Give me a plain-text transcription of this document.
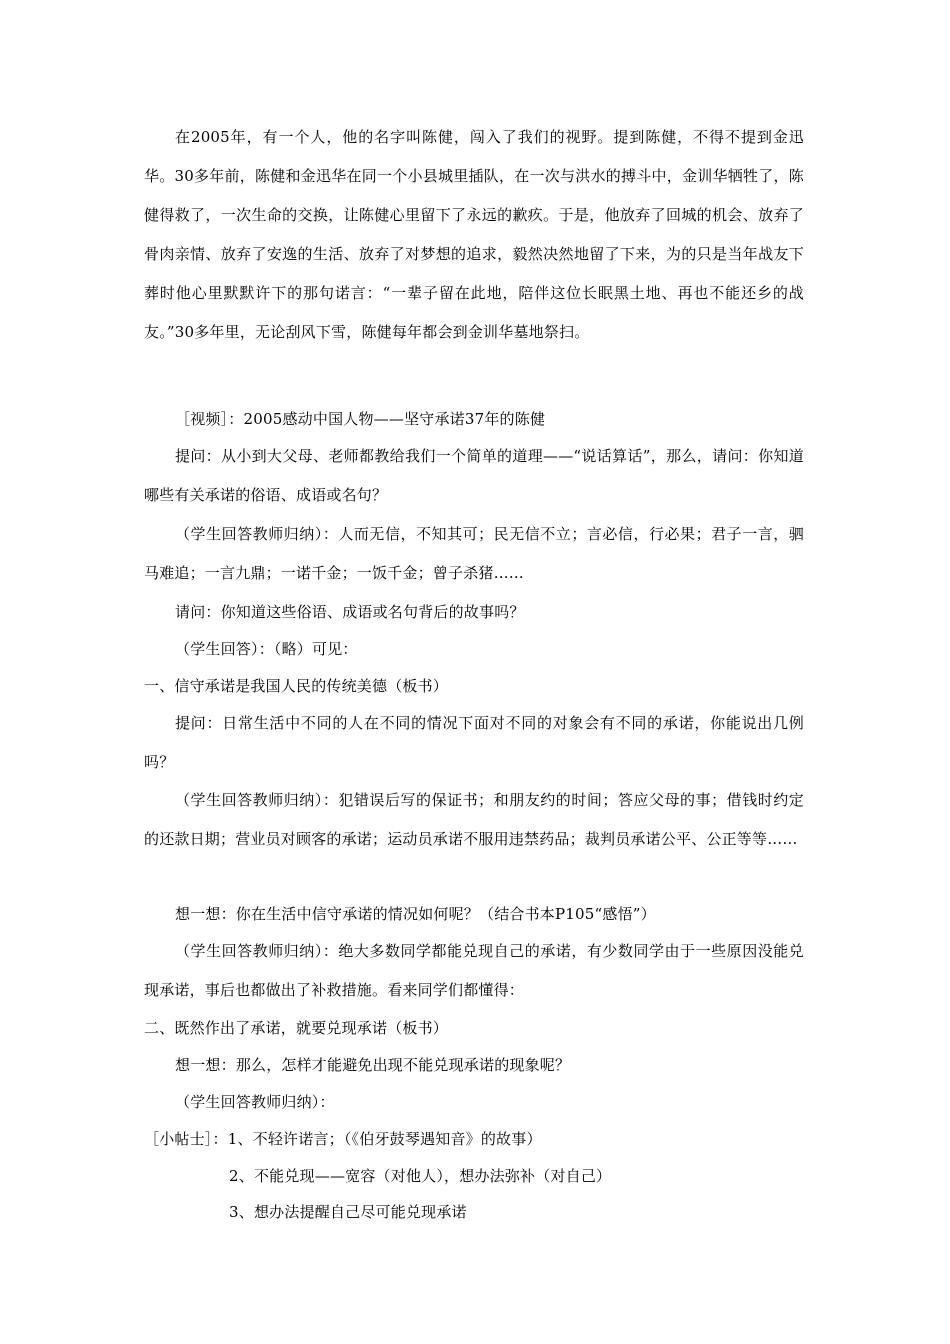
在2005年，有一个人，他的名字叫陈健，闯入了我们的视野。提到陈健，不得不提到金迅华。30多年前，陈健和金迅华在同一个小县城里插队，在一次与洪水的搏斗中，金训华牺牲了，陈健得救了，一次生命的交换，让陈健心里留下了永远的歉疚。于是，他放弃了回城的机会、放弃了骨肉亲情、放弃了安逸的生活、放弃了对梦想的追求，毅然决然地留了下来，为的只是当年战友下葬时他心里默默许下的那句诺言：“一辈子留在此地，陪伴这位长眠黑土地、再也不能还乡的战友。”30多年里，无论刮风下雪，陈健每年都会到金训华墓地祭扫。

［视频］：2005感动中国人物——坚守承诺37年的陈健

提问：从小到大父母、老师都教给我们一个简单的道理——“说话算话”，那么，请问：你知道哪些有关承诺的俗语、成语或名句？

（学生回答教师归纳）：人而无信，不知其可；民无信不立；言必信，行必果；君子一言，驷马难追；一言九鼎；一诺千金；一饭千金；曾子杀猪……

请问：你知道这些俗语、成语或名句背后的故事吗？

（学生回答）：（略）可见：

一、信守承诺是我国人民的传统美德（板书）

提问：日常生活中不同的人在不同的情况下面对不同的对象会有不同的承诺，你能说出几例吗？

（学生回答教师归纳）：犯错误后写的保证书；和朋友约的时间；答应父母的事；借钱时约定的还款日期；营业员对顾客的承诺；运动员承诺不服用违禁药品；裁判员承诺公平、公正等等……

想一想：你在生活中信守承诺的情况如何呢？（结合书本P105“感悟”）

（学生回答教师归纳）：绝大多数同学都能兑现自己的承诺，有少数同学由于一些原因没能兑现承诺，事后也都做出了补救措施。看来同学们都懂得：

二、既然作出了承诺，就要兑现承诺（板书）

想一想：那么，怎样才能避免出现不能兑现承诺的现象呢？

（学生回答教师归纳）：

［小帖士］：1、不轻许诺言；（《伯牙鼓琴遇知音》的故事）

2、不能兑现——宽容（对他人），想办法弥补（对自己）

3、想办法提醒自己尽可能兑现承诺
